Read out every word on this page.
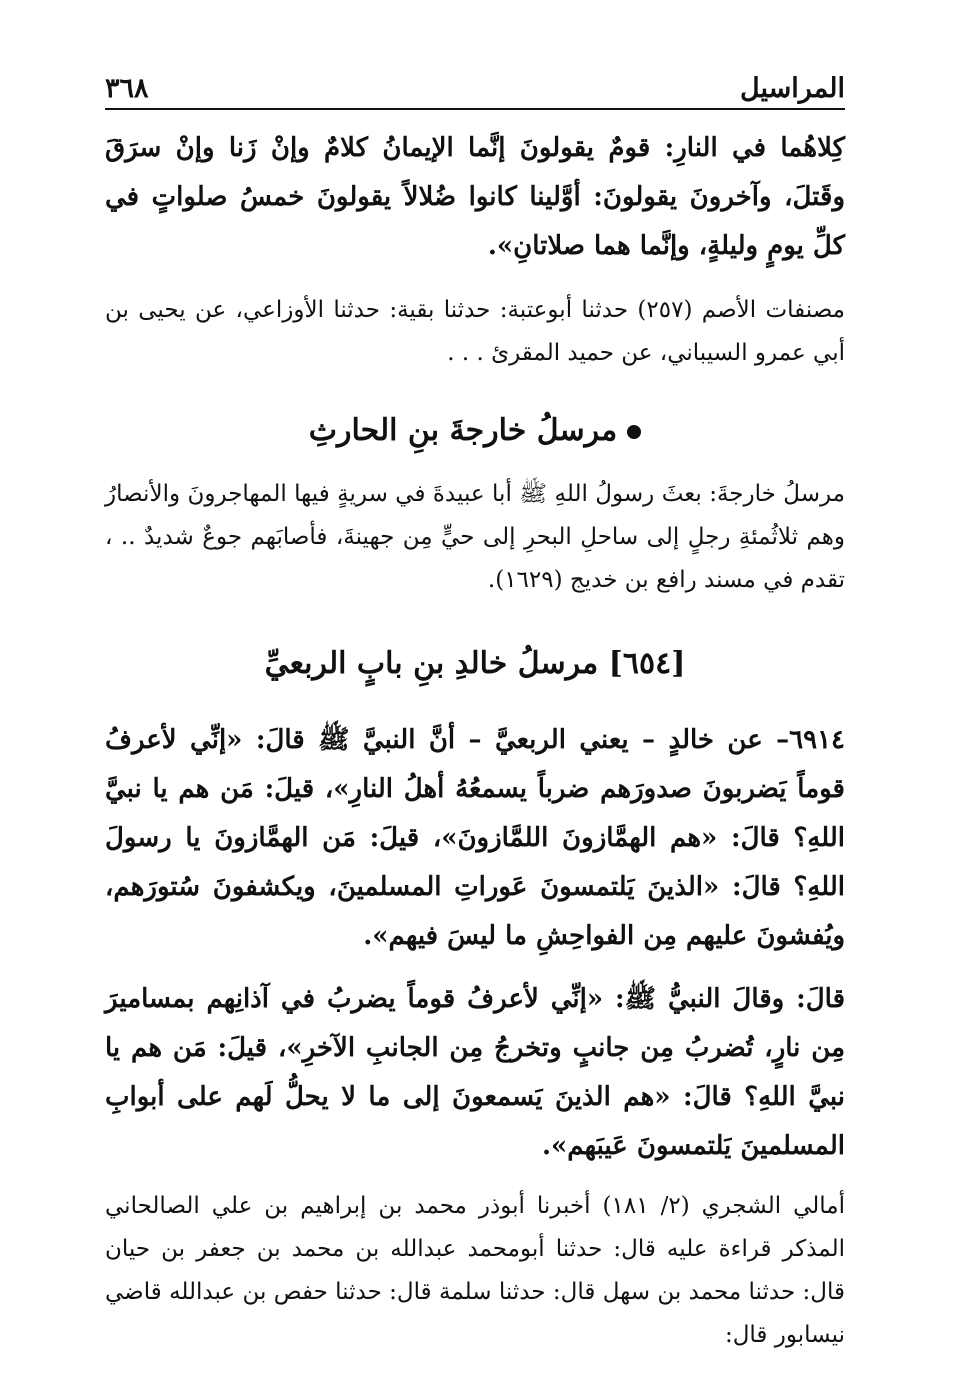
المراسيل
٣٦٨

كِلاهُما في النارِ: قومٌ يقولونَ إنَّما الإيمانُ كلامٌ وإنْ زَنا وإنْ سرَقَ وقَتلَ، وآخرونَ يقولونَ: أوَّلينا كانوا ضُلالاً يقولونَ خمسُ صلواتٍ في كلِّ يومٍ وليلةٍ، وإنَّما هما صلاتانِ».

مصنفات الأصم (٢٥٧) حدثنا أبوعتبة: حدثنا بقية: حدثنا الأوزاعي، عن يحيى بن أبي عمرو السيباني، عن حميد المقرئ . . .

مرسلُ خارجةَ بنِ الحارثِ

مرسلُ خارجةَ: بعثَ رسولُ اللهِ ﷺ أبا عبيدةَ في سريةٍ فيها المهاجرونَ والأنصارُ وهم ثلاثُمئةِ رجلٍ إلى ساحلِ البحرِ إلى حيٍّ مِن جهينةَ، فأصابَهم جوعٌ شديدٌ .. ، تقدم في مسند رافع بن خديج (١٦٢٩).

[٦٥٤] مرسلُ خالدِ بنِ بابٍ الربعيِّ

٦٩١٤– عن خالدٍ – يعني الربعيَّ – أنَّ النبيَّ ﷺ قالَ: «إنِّي لأعرفُ قوماً يَضربونَ صدورَهم ضرباً يسمعُهُ أهلُ النارِ»، قيلَ: مَن هم يا نبيَّ اللهِ؟ قالَ: «هم الهمَّازونَ اللمَّازونَ»، قيلَ: مَن الهمَّازونَ يا رسولَ اللهِ؟ قالَ: «الذينَ يَلتمسونَ عَوراتِ المسلمينَ، ويكشفونَ سُتورَهم، ويُفشونَ عليهم مِن الفواحِشِ ما ليسَ فيهم».

قالَ: وقالَ النبيُّ ﷺ: «إنِّي لأعرفُ قوماً يضربُ في آذانِهم بمساميرَ مِن نارٍ، تُضربُ مِن جانبٍ وتخرجُ مِن الجانبِ الآخرِ»، قيلَ: مَن هم يا نبيَّ اللهِ؟ قالَ: «هم الذينَ يَسمعونَ إلى ما لا يحلُّ لَهم على أبوابِ المسلمينَ يَلتمسونَ عَيبَهم».

أمالي الشجري (٢/ ١٨١) أخبرنا أبوذر محمد بن إبراهيم بن علي الصالحاني المذكر قراءة عليه قال: حدثنا أبومحمد عبدالله بن محمد بن جعفر بن حيان قال: حدثنا محمد بن سهل قال: حدثنا سلمة قال: حدثنا حفص بن عبدالله قاضي نيسابور قال:
